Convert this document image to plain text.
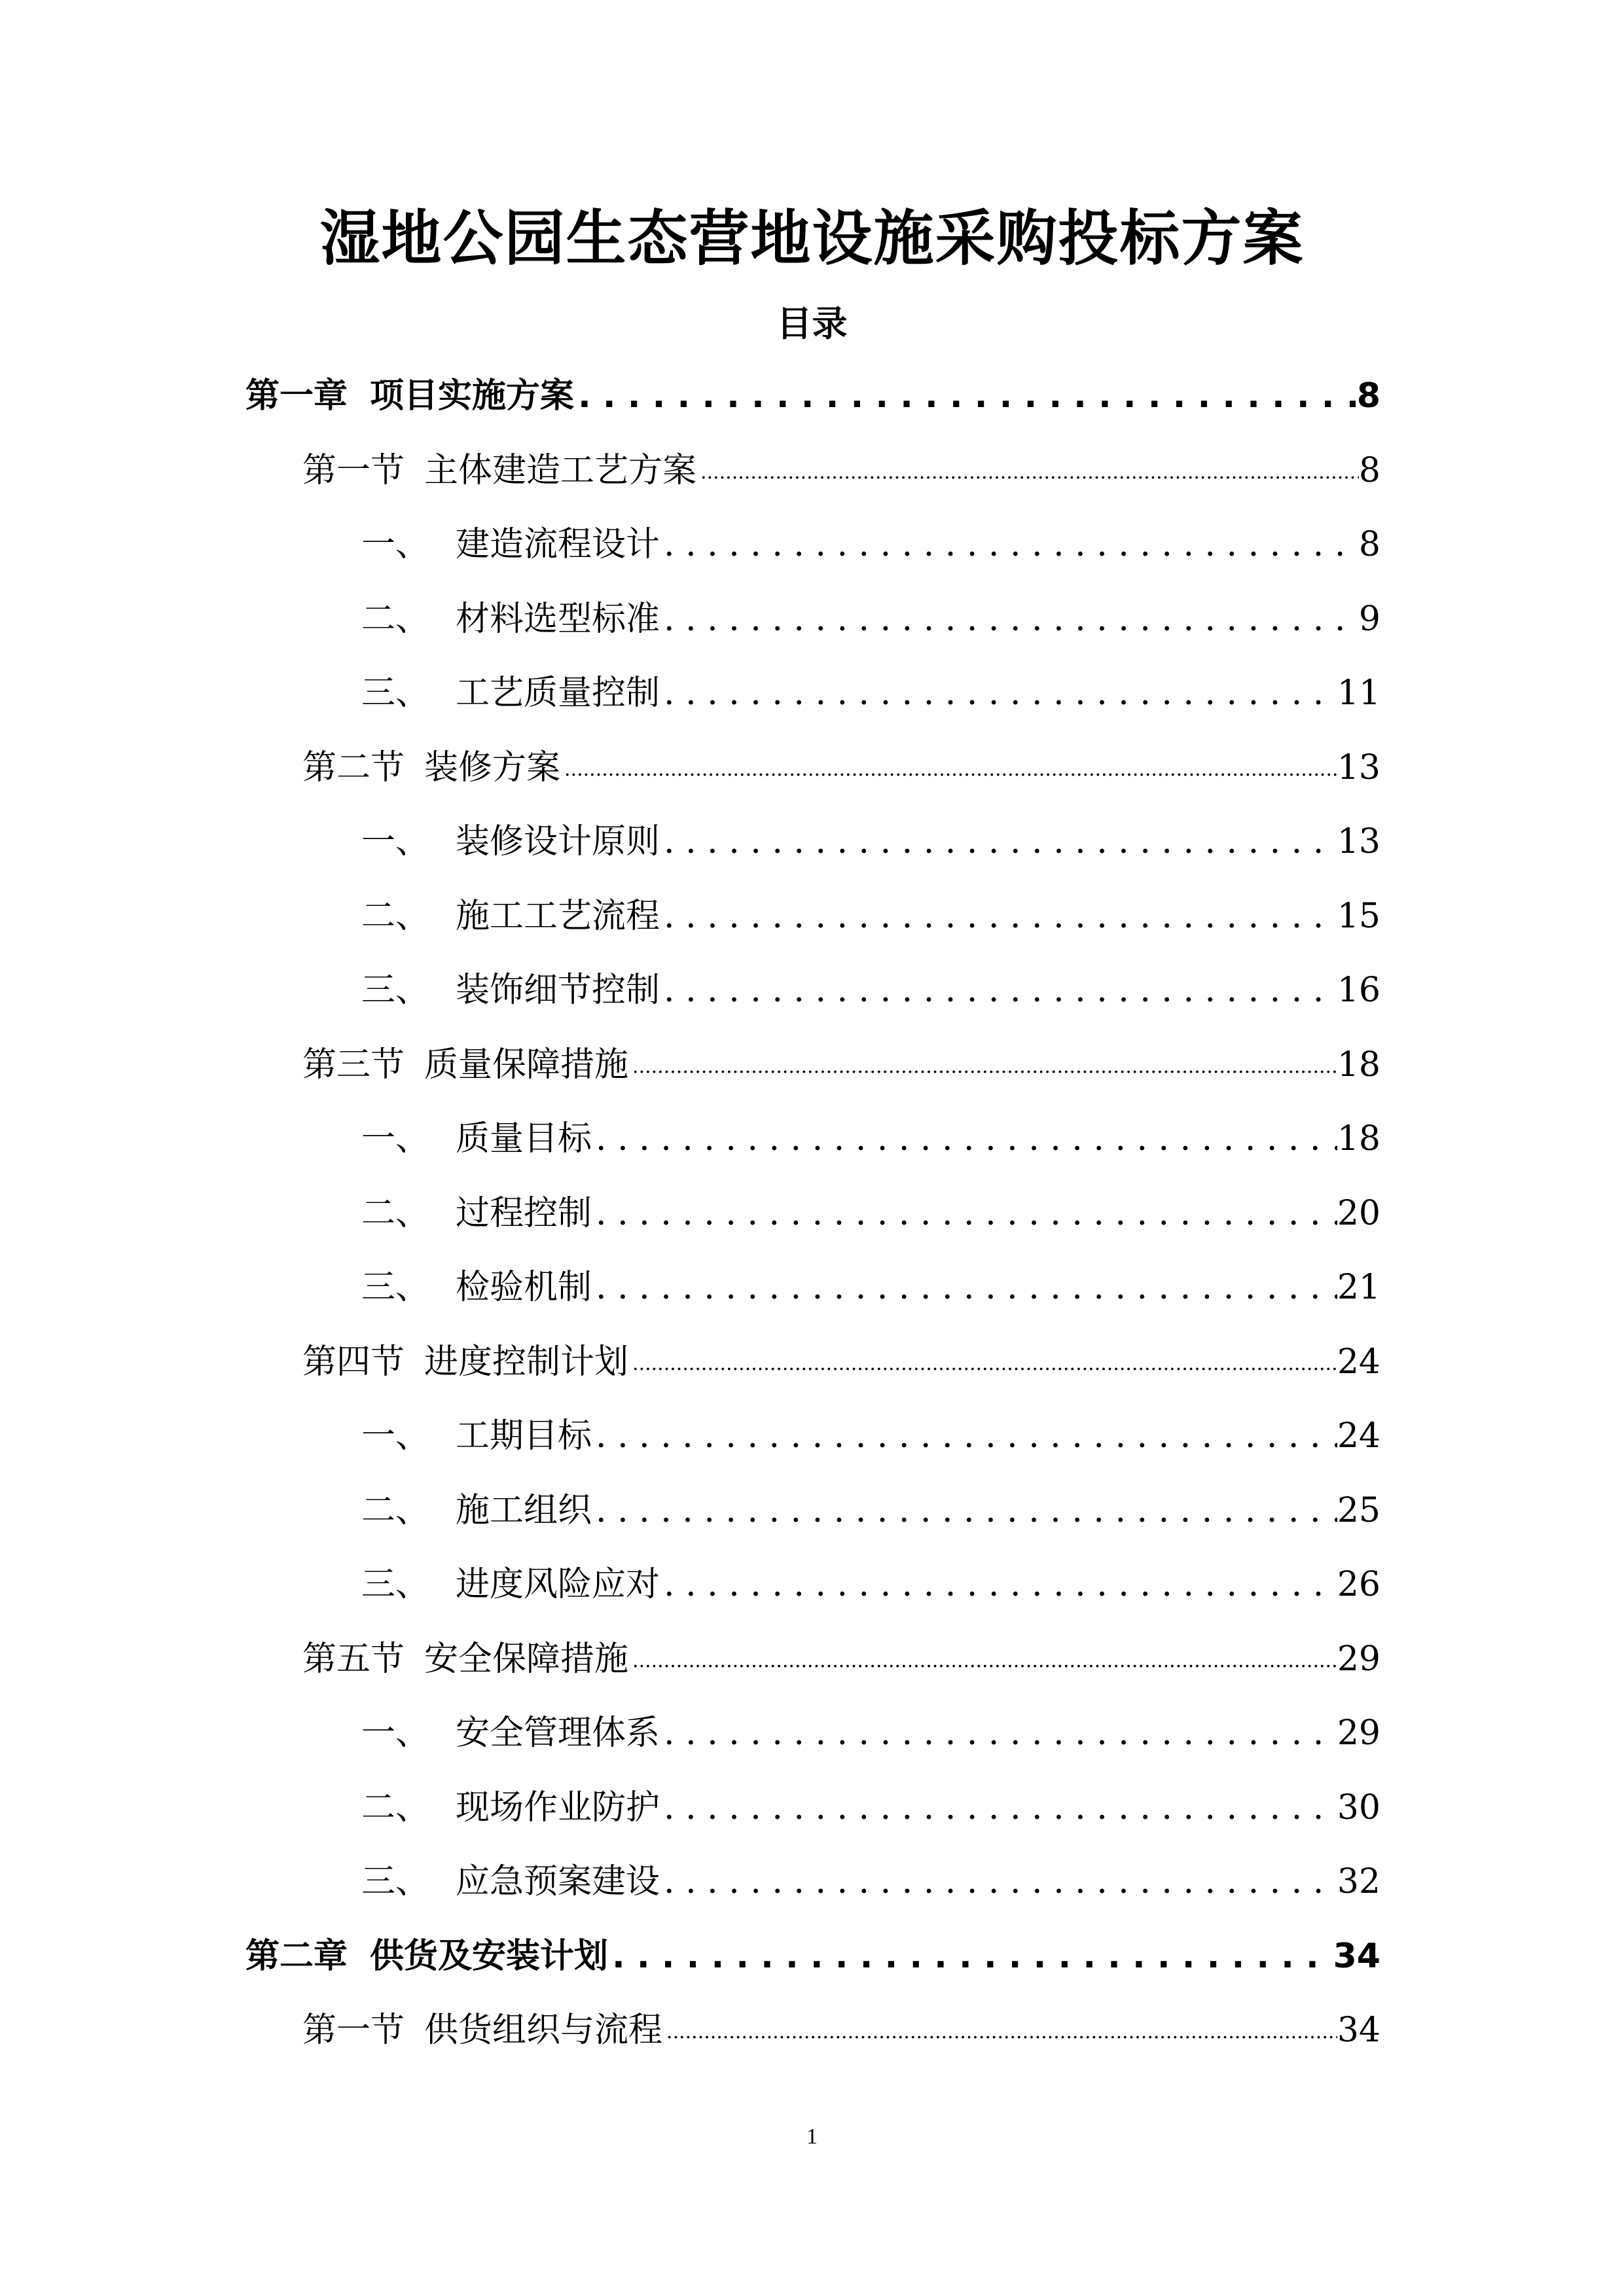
湿地公园生态营地设施采购投标方案
目录
第一章 项目实施方案 . . .	8
第一节 主体建造工艺方案 .....	8
一、 建造流程设计 . . .	8
二、 材料选型标准 . . .	9
三、 工艺质量控制 . . .	11
第二节 装修方案 .....	13
一、 装修设计原则 . . .	13
二、 施工工艺流程 . . .	15
三、 装饰细节控制 . . .	16
第三节 质量保障措施 .....	18
一、 质量目标 . . .	18
二、 过程控制 . . .	20
三、 检验机制 . . .	21
第四节 进度控制计划 .....	24
一、 工期目标 . . .	24
二、 施工组织 . . .	25
三、 进度风险应对 . . .	26
第五节 安全保障措施 .....	29
一、 安全管理体系 . . .	29
二、 现场作业防护 . . .	30
三、 应急预案建设 . . .	32
第二章 供货及安装计划 . . .	34
第一节 供货组织与流程 .....	34
1
